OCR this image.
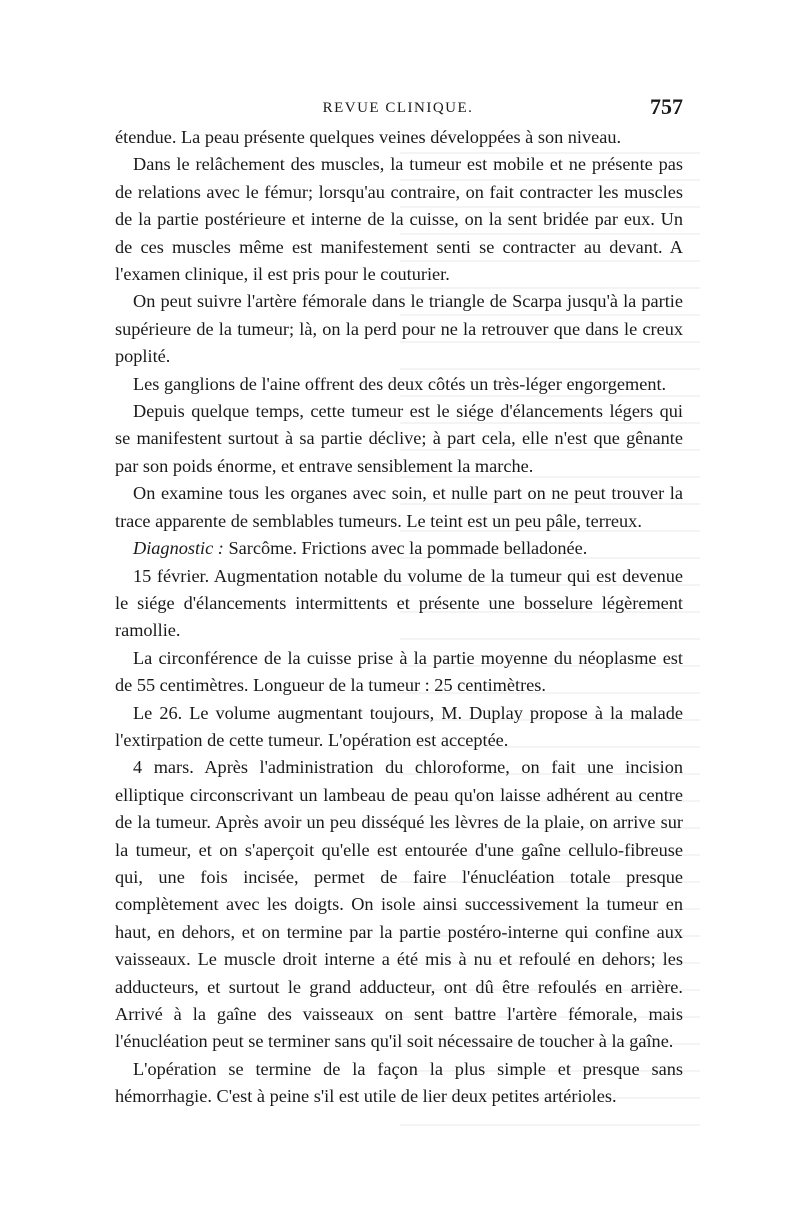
REVUE CLINIQUE.	757

étendue. La peau présente quelques veines développées à son niveau.

Dans le relâchement des muscles, la tumeur est mobile et ne présente pas de relations avec le fémur; lorsqu'au contraire, on fait contracter les muscles de la partie postérieure et interne de la cuisse, on la sent bridée par eux. Un de ces muscles même est manifestement senti se contracter au devant. A l'examen clinique, il est pris pour le couturier.

On peut suivre l'artère fémorale dans le triangle de Scarpa jusqu'à la partie supérieure de la tumeur; là, on la perd pour ne la retrouver que dans le creux poplité.

Les ganglions de l'aine offrent des deux côtés un très-léger engorgement.

Depuis quelque temps, cette tumeur est le siége d'élancements légers qui se manifestent surtout à sa partie déclive; à part cela, elle n'est que gênante par son poids énorme, et entrave sensiblement la marche.

On examine tous les organes avec soin, et nulle part on ne peut trouver la trace apparente de semblables tumeurs. Le teint est un peu pâle, terreux.

Diagnostic : Sarcôme. Frictions avec la pommade belladonée.

15 février. Augmentation notable du volume de la tumeur qui est devenue le siége d'élancements intermittents et présente une bosselure légèrement ramollie.

La circonférence de la cuisse prise à la partie moyenne du néoplasme est de 55 centimètres. Longueur de la tumeur : 25 centimètres.

Le 26. Le volume augmentant toujours, M. Duplay propose à la malade l'extirpation de cette tumeur. L'opération est acceptée.

4 mars. Après l'administration du chloroforme, on fait une incision elliptique circonscrivant un lambeau de peau qu'on laisse adhérent au centre de la tumeur. Après avoir un peu disséqué les lèvres de la plaie, on arrive sur la tumeur, et on s'aperçoit qu'elle est entourée d'une gaîne cellulo-fibreuse qui, une fois incisée, permet de faire l'énucléation totale presque complètement avec les doigts. On isole ainsi successivement la tumeur en haut, en dehors, et on termine par la partie postéro-interne qui confine aux vaisseaux. Le muscle droit interne a été mis à nu et refoulé en dehors; les adducteurs, et surtout le grand adducteur, ont dû être refoulés en arrière. Arrivé à la gaîne des vaisseaux on sent battre l'artère fémorale, mais l'énucléation peut se terminer sans qu'il soit nécessaire de toucher à la gaîne.

L'opération se termine de la façon la plus simple et presque sans hémorrhagie. C'est à peine s'il est utile de lier deux petites artérioles.
